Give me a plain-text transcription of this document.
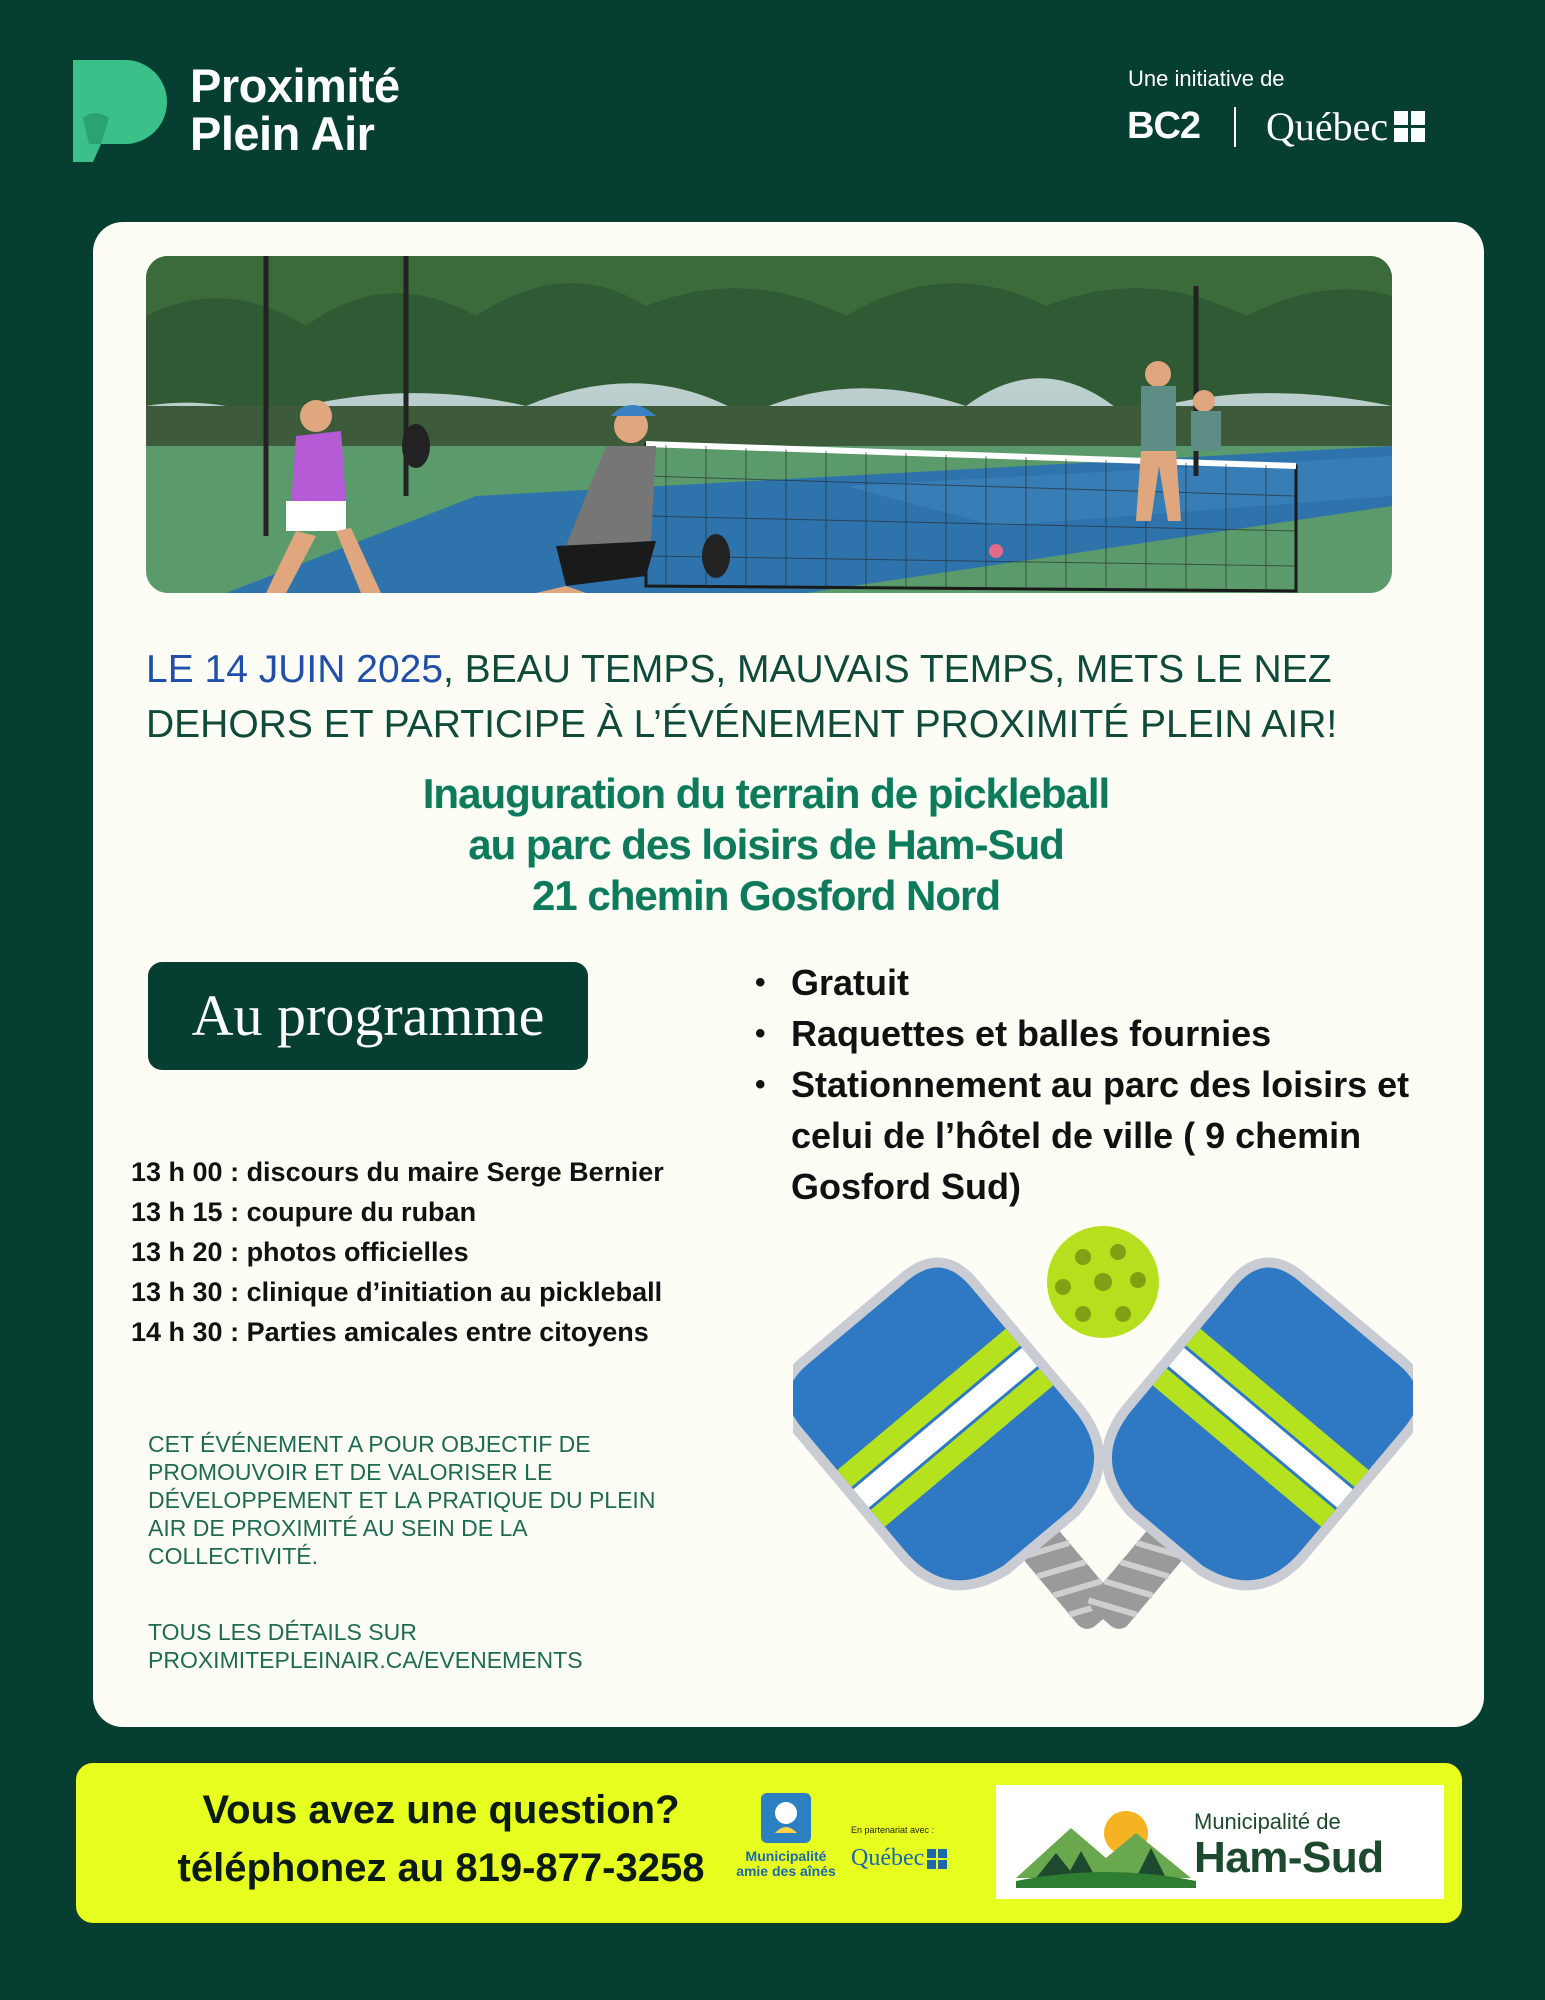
Proximité
Plein Air
Une initiative de
BC2 Québec
LE 14 JUIN 2025, BEAU TEMPS, MAUVAIS TEMPS, METS LE NEZ DEHORS ET PARTICIPE À L’ÉVÉNEMENT PROXIMITÉ PLEIN AIR!
Inauguration du terrain de pickleball
au parc des loisirs de Ham-Sud
21 chemin Gosford Nord
Au programme
13 h 00 : discours du maire Serge Bernier
13 h 15 : coupure du ruban
13 h 20 : photos officielles
13 h 30 : clinique d’initiation au pickleball
14 h 30 : Parties amicales entre citoyens
• Gratuit
• Raquettes et balles fournies
• Stationnement au parc des loisirs et celui de l’hôtel de ville ( 9 chemin Gosford Sud)
CET ÉVÉNEMENT A POUR OBJECTIF DE PROMOUVOIR ET DE VALORISER LE DÉVELOPPEMENT ET LA PRATIQUE DU PLEIN AIR DE PROXIMITÉ AU SEIN DE LA COLLECTIVITÉ.
TOUS LES DÉTAILS SUR
PROXIMITEPLEINAIR.CA/EVENEMENTS
Vous avez une question?
téléphonez au 819-877-3258	Municipalité
amie des aînés
En partenariat avec :
Québec
Municipalité de
Ham-Sud
